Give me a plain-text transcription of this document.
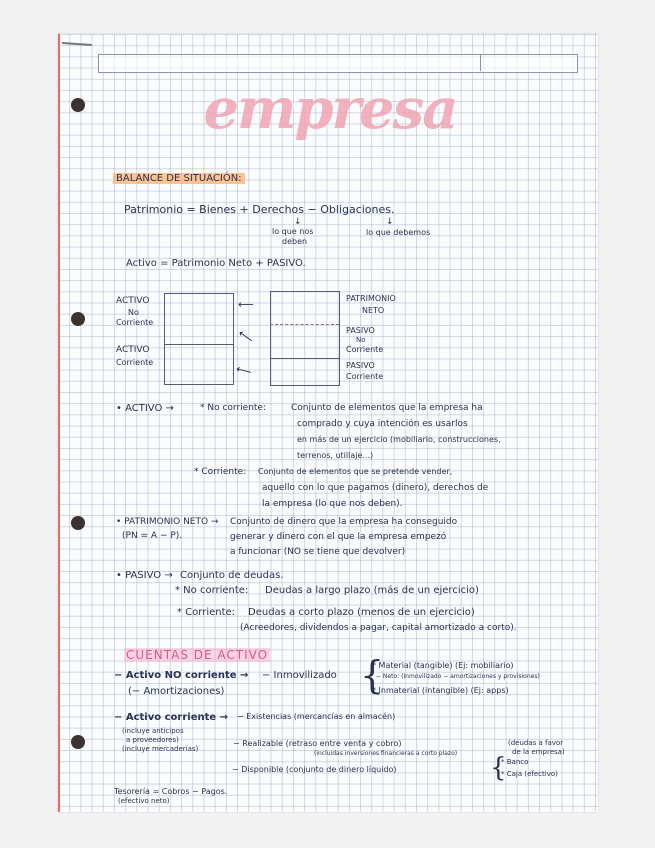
empresa
BALANCE DE SITUACIÓN:
Patrimonio = Bienes + Derechos − Obligaciones.
↓
lo que nos
deben
↓
lo que debemos
Activo = Patrimonio Neto + PASIVO.
ACTIVO
No
Corriente
ACTIVO
Corriente
⟵
⟵
⟵
PATRIMONIO
NETO
PASIVO
No
Corriente
PASIVO
Corriente
• ACTIVO →	* No corriente:	Conjunto de elementos que la empresa ha
comprado y cuya intención es usarlos
en más de un ejercicio (mobiliario, construcciones,
terrenos, utillaje...)
* Corriente: Conjunto de elementos que se pretende vender,
aquello con lo que pagamos (dinero), derechos de
la empresa (lo que nos deben).
• PATRIMONIO NETO →
(PN = A − P).
Conjunto de dinero que la empresa ha conseguido
generar y dinero con el que la empresa empezó
a funcionar (NO se tiene que devolver)
• PASIVO → Conjunto de deudas.
* No corriente: Deudas a largo plazo (más de un ejercicio)
* Corriente: Deudas a corto plazo (menos de un ejercicio)
(Acreedores, dividendos a pagar, capital amortizado a corto).
CUENTAS DE ACTIVO
− Activo NO corriente →
(− Amortizaciones)
− Inmovilizado {
* Material (tangible) (Ej: mobiliario)
− Neto: (Inmovilizado − amortizaciones y provisiones)
* Inmaterial (intangible) (Ej: apps)
− Activo corriente → − Existencias (mercancías en almacén)
(incluye anticipos
a proveedores)
(incluye mercaderías)
− Realizable (retraso entre venta y cobro)
(incluidas inversiones financieras a corto plazo)
(deudas a favor
de la empresa)
− Disponible (conjunto de dinero líquido)	{
* Banco
* Caja (efectivo)
Tesorería = Cobros − Pagos.
(efectivo neto)
